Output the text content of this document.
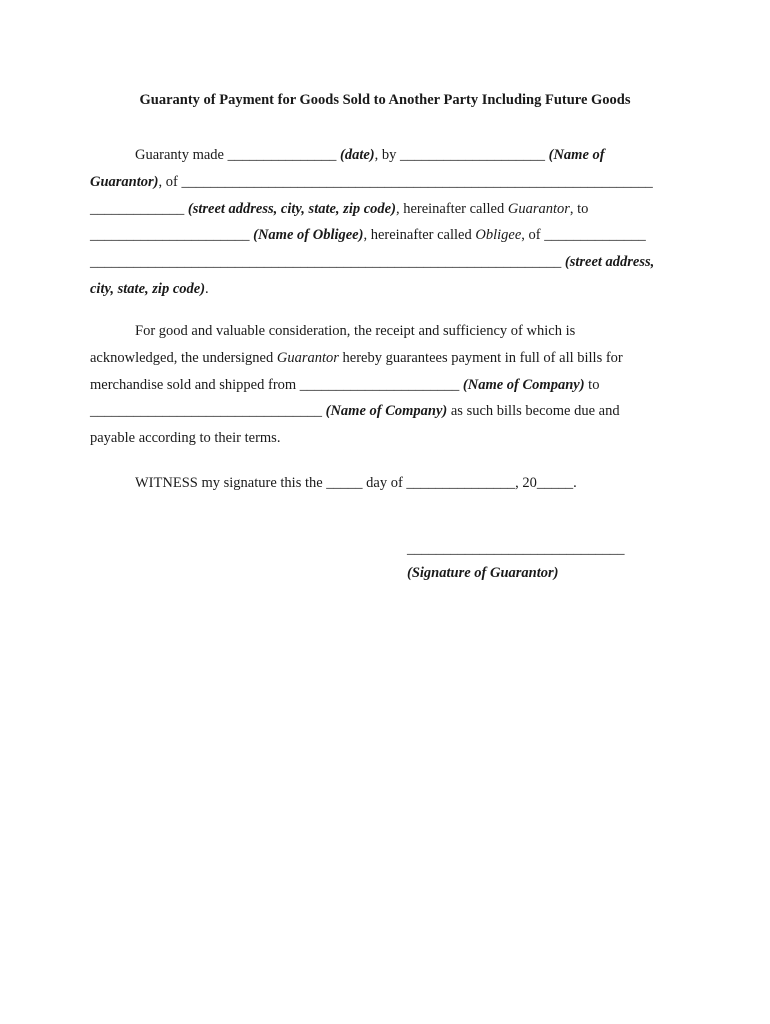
Guaranty of Payment for Goods Sold to Another Party Including Future Goods
Guaranty made _______________ (date), by ____________________ (Name of
Guarantor), of _________________________________________________________________
_____________ (street address, city, state, zip code), hereinafter called Guarantor, to
______________________ (Name of Obligee), hereinafter called Obligee, of ______________
_________________________________________________________________ (street address,
city, state, zip code).
For good and valuable consideration, the receipt and sufficiency of which is
acknowledged, the undersigned Guarantor hereby guarantees payment in full of all bills for
merchandise sold and shipped from ______________________ (Name of Company) to
________________________________ (Name of Company) as such bills become due and
payable according to their terms.
WITNESS my signature this the _____ day of _______________, 20_____.
______________________________
(Signature of Guarantor)
